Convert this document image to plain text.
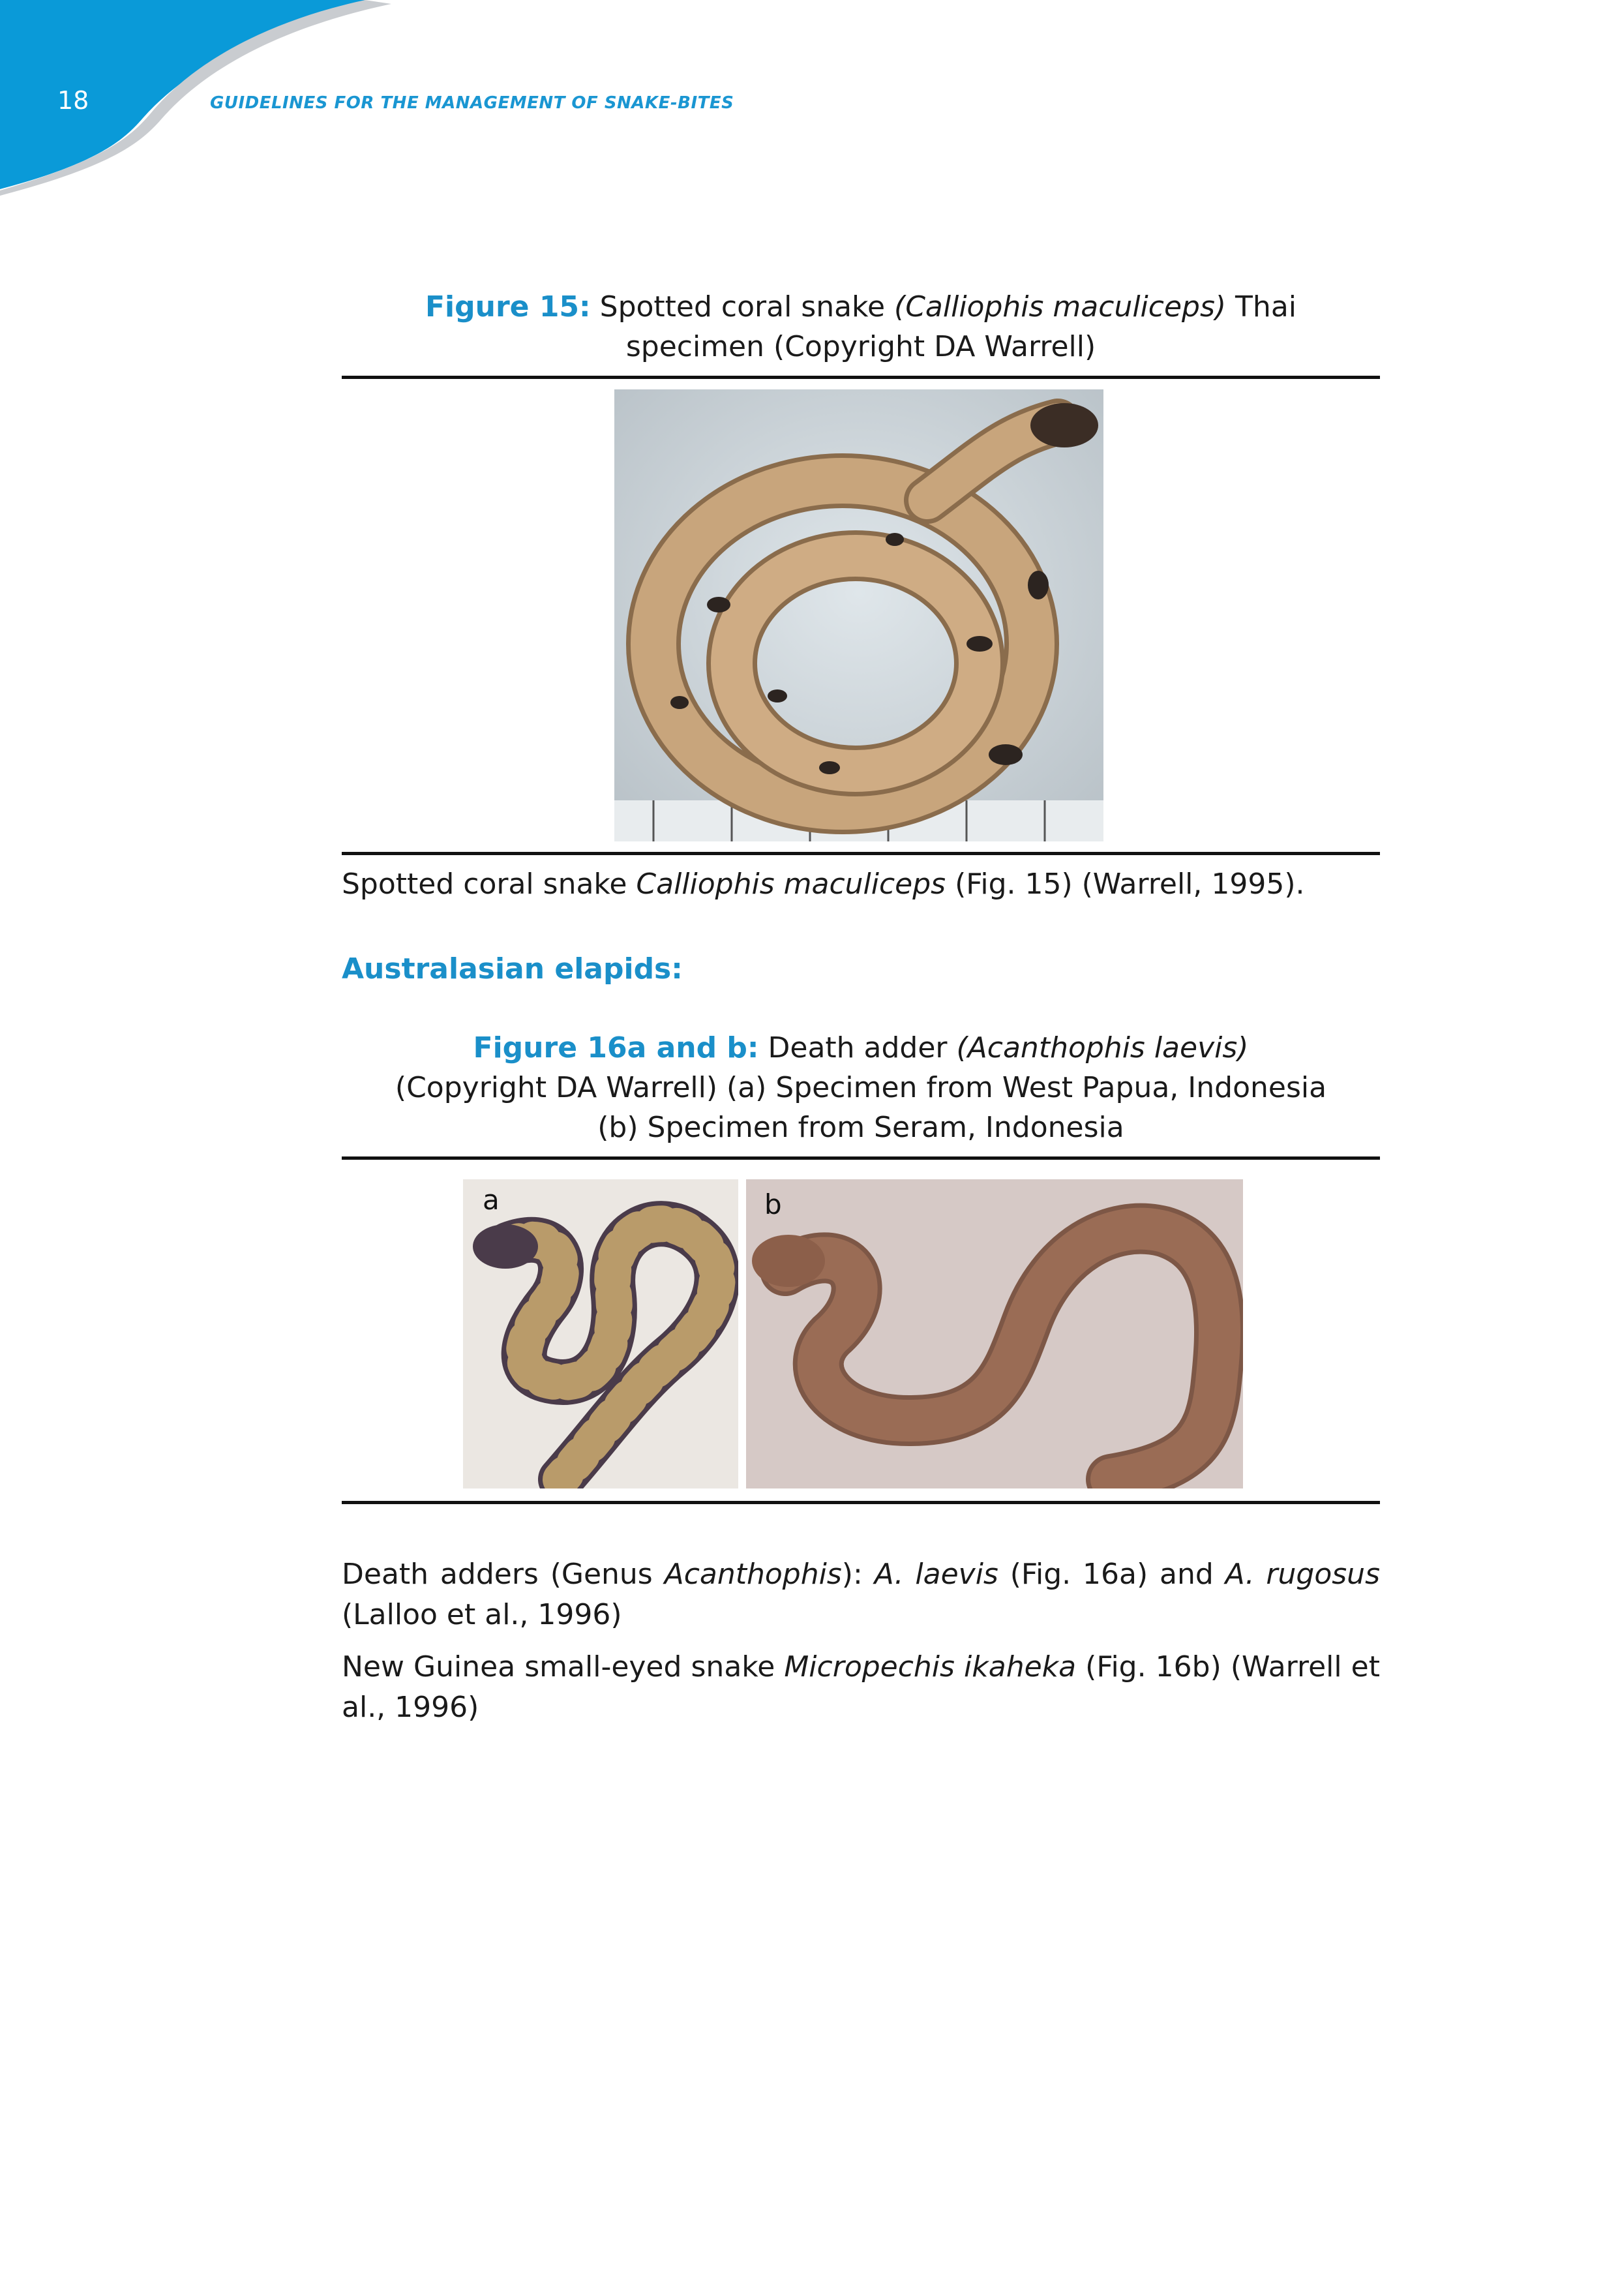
18	GUIDELINES FOR THE MANAGEMENT OF SNAKE-BITES
Figure 15: Spotted coral snake (Calliophis maculiceps) Thai
specimen (Copyright DA Warrell)
Spotted coral snake Calliophis maculiceps (Fig. 15) (Warrell, 1995).
Australasian elapids:
Figure 16a and b: Death adder (Acanthophis laevis)
(Copyright DA Warrell) (a) Specimen from West Papua, Indonesia
(b) Specimen from Seram, Indonesia
a	b
Death adders (Genus Acanthophis): A. laevis (Fig. 16a) and A. rugosus
(Lalloo et al., 1996)
New Guinea small-eyed snake Micropechis ikaheka (Fig. 16b) (Warrell et
al., 1996)
